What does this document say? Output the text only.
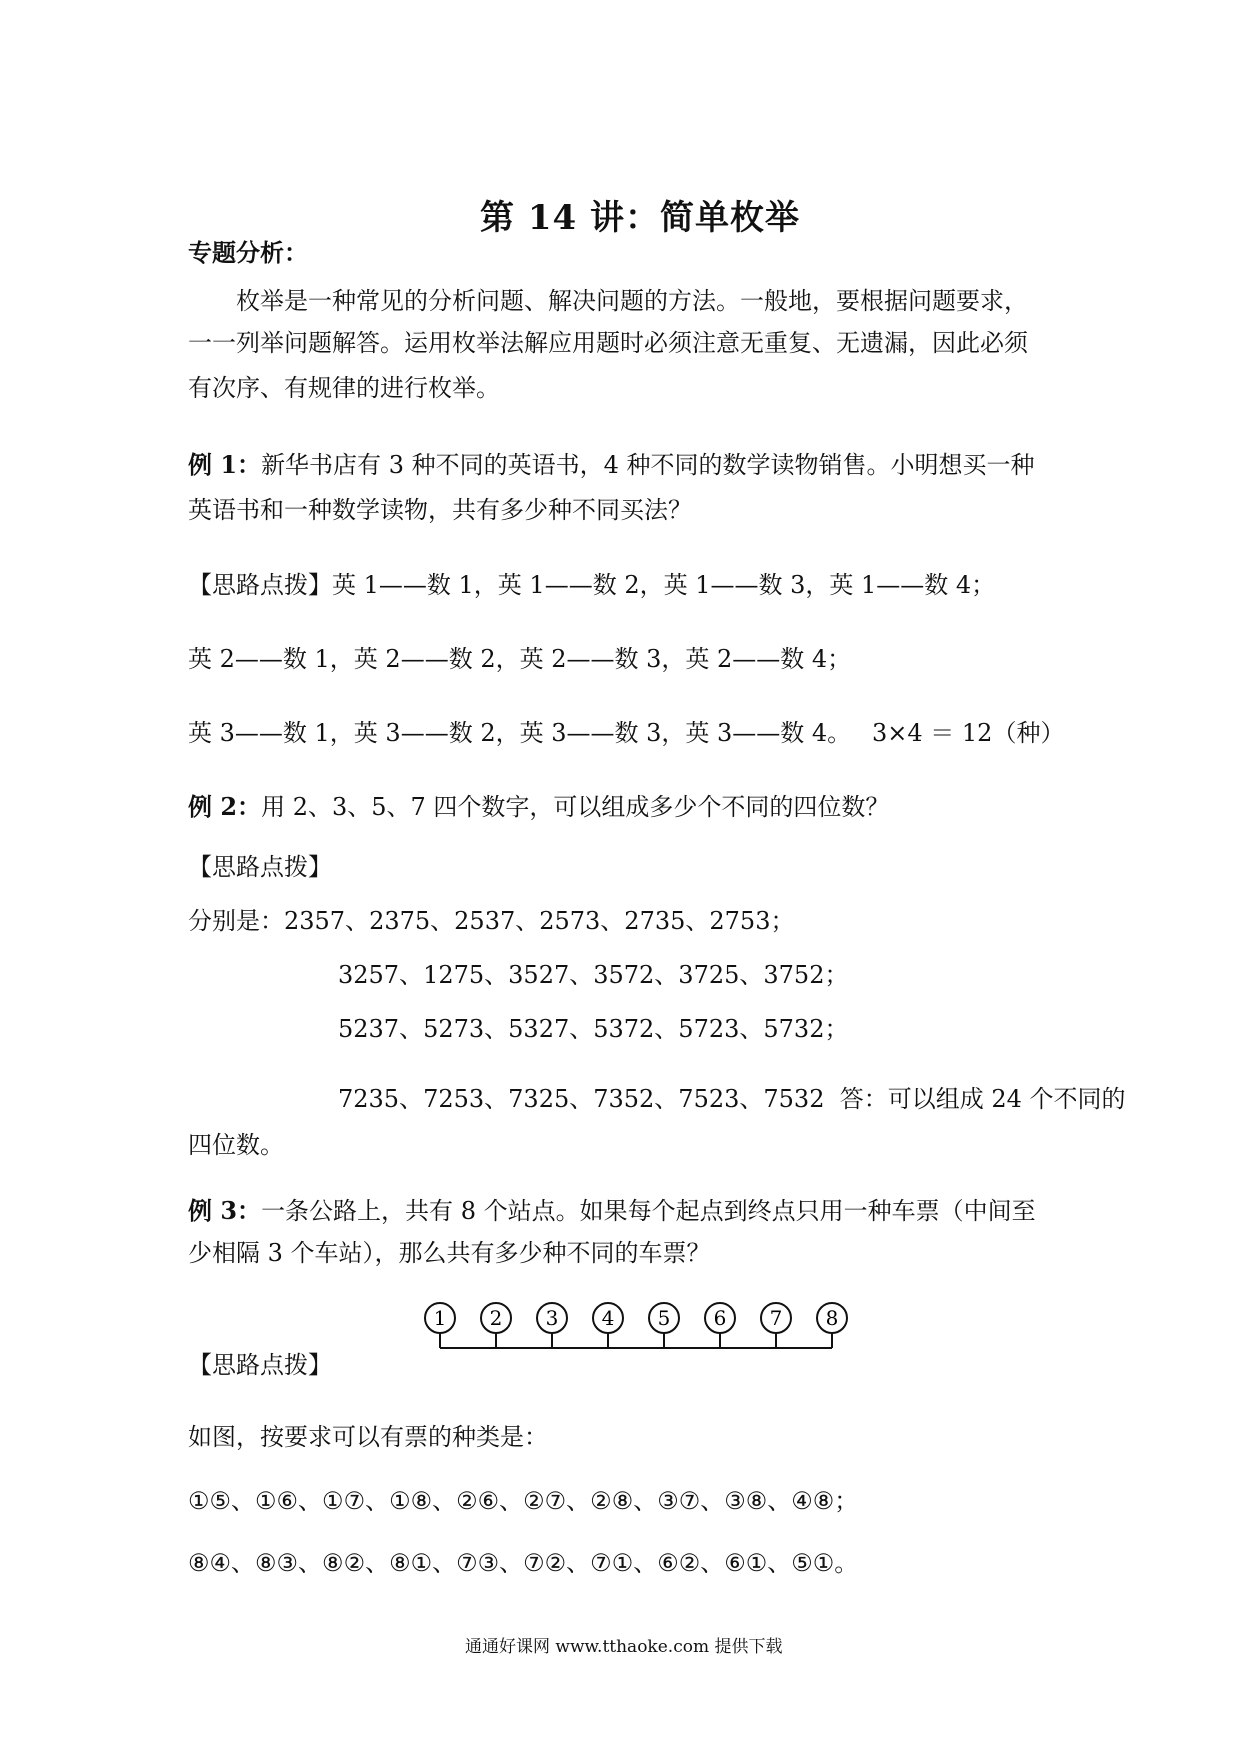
第 14 讲：简单枚举
专题分析：
枚举是一种常见的分析问题、解决问题的方法。一般地，要根据问题要求，
一一列举问题解答。运用枚举法解应用题时必须注意无重复、无遗漏，因此必须
有次序、有规律的进行枚举。
例 1：新华书店有 3 种不同的英语书，4 种不同的数学读物销售。小明想买一种
英语书和一种数学读物，共有多少种不同买法？
【思路点拨】英 1——数 1，英 1——数 2，英 1——数 3，英 1——数 4；
英 2——数 1，英 2——数 2，英 2——数 3，英 2——数 4；
英 3——数 1，英 3——数 2，英 3——数 3，英 3——数 4。 3×4 ＝ 12（种）
例 2：用 2、3、5、7 四个数字，可以组成多少个不同的四位数？
【思路点拨】
分别是：2357、2375、2537、2573、2735、2753；
3257、1275、3527、3572、3725、3752；
5237、5273、5327、5372、5723、5732；
7235、7253、7325、7352、7523、7532 答：可以组成 24 个不同的
四位数。
例 3：一条公路上，共有 8 个站点。如果每个起点到终点只用一种车票（中间至
少相隔 3 个车站），那么共有多少种不同的车票？
1 2 3 4 5 6 7 8
【思路点拨】
如图，按要求可以有票的种类是：
①⑤、①⑥、①⑦、①⑧、②⑥、②⑦、②⑧、③⑦、③⑧、④⑧；
⑧④、⑧③、⑧②、⑧①、⑦③、⑦②、⑦①、⑥②、⑥①、⑤①。
通通好课网 www.tthaoke.com 提供下载
